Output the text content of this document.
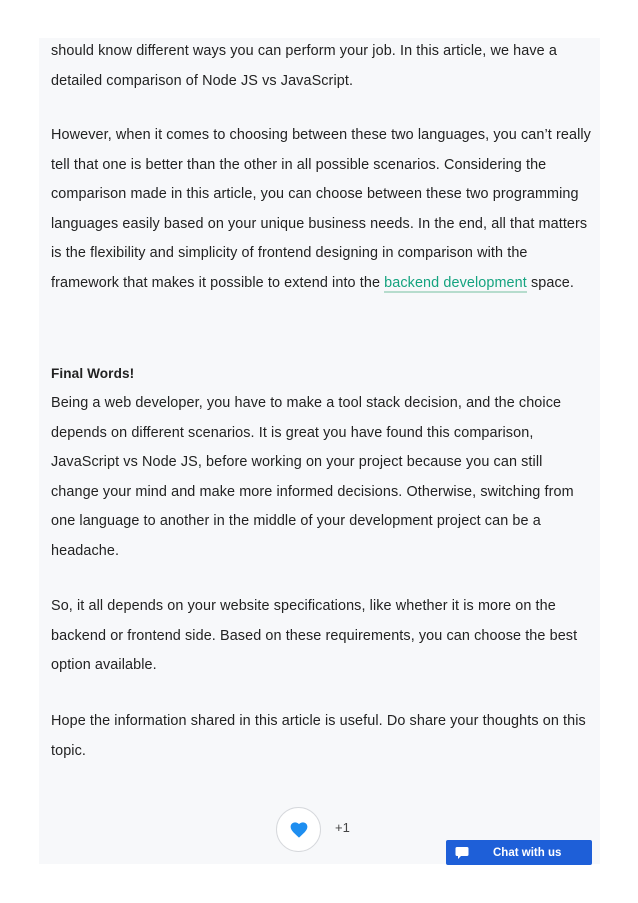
should know different ways you can perform your job. In this article, we have a detailed comparison of Node JS vs JavaScript.

However, when it comes to choosing between these two languages, you can’t really tell that one is better than the other in all possible scenarios. Considering the comparison made in this article, you can choose between these two programming languages easily based on your unique business needs. In the end, all that matters is the flexibility and simplicity of frontend designing in comparison with the framework that makes it possible to extend into the backend development space.

Final Words!

Being a web developer, you have to make a tool stack decision, and the choice depends on different scenarios. It is great you have found this comparison, JavaScript vs Node JS, before working on your project because you can still change your mind and make more informed decisions. Otherwise, switching from one language to another in the middle of your development project can be a headache.

So, it all depends on your website specifications, like whether it is more on the backend or frontend side. Based on these requirements, you can choose the best option available.

Hope the information shared in this article is useful. Do share your thoughts on this topic.

+1
Chat with us
